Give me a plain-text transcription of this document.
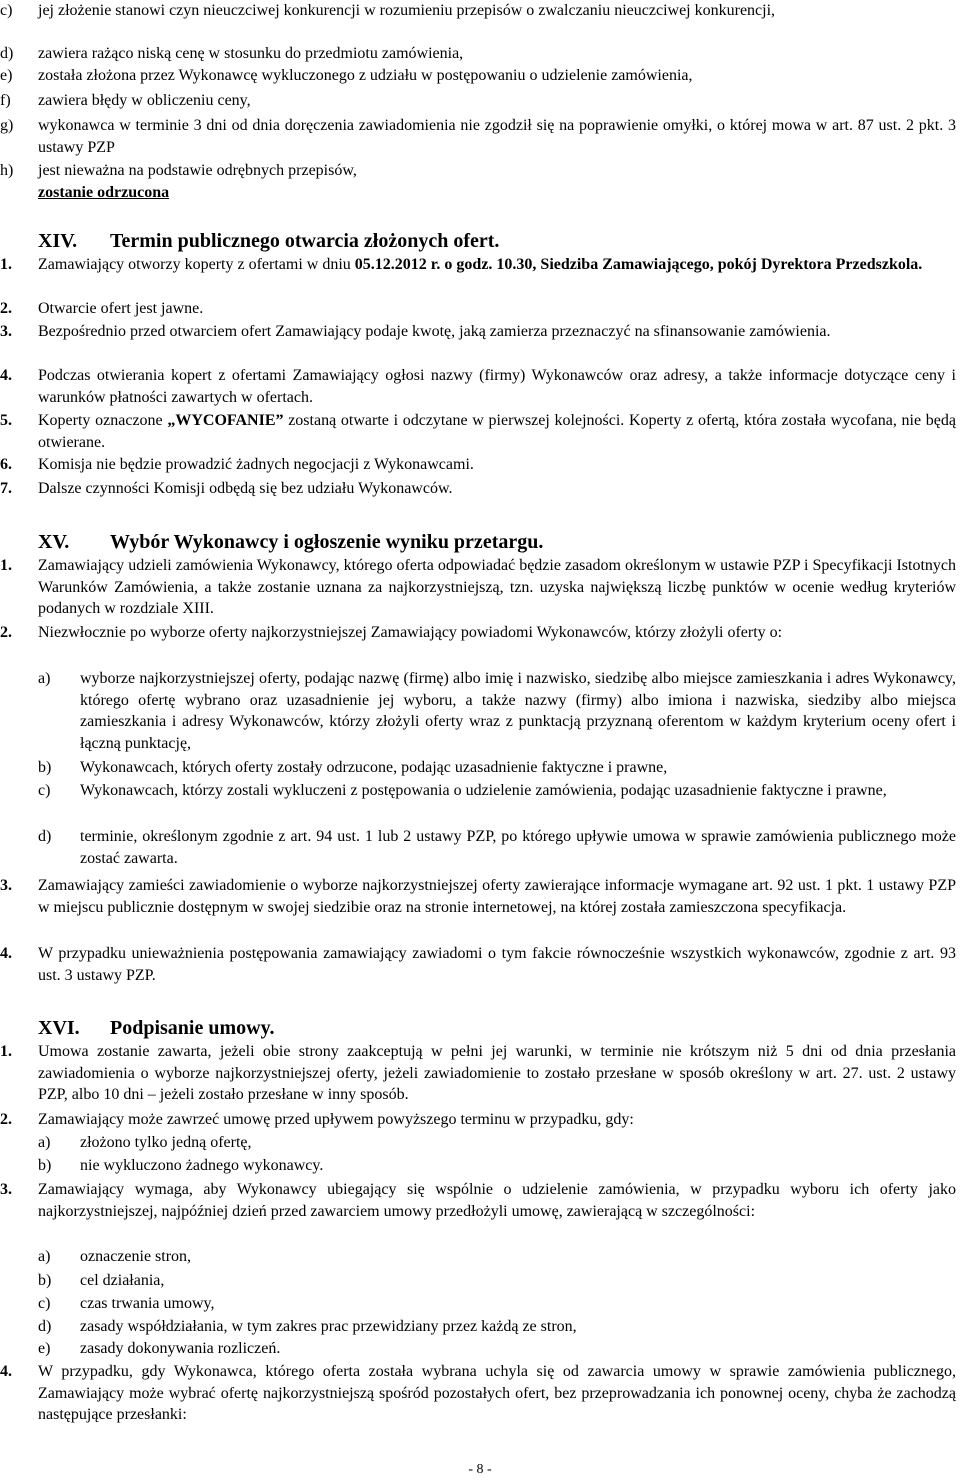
c)	jej złożenie stanowi czyn nieuczciwej konkurencji w rozumieniu przepisów o zwalczaniu nieuczciwej konkurencji,
d)	zawiera rażąco niską cenę w stosunku do przedmiotu zamówienia,
e)	została złożona przez Wykonawcę wykluczonego z udziału w postępowaniu o udzielenie zamówienia,
f)	zawiera błędy w obliczeniu ceny,
g)	wykonawca w terminie 3 dni od dnia doręczenia zawiadomienia nie zgodził się na poprawienie omyłki, o której mowa w art. 87 ust. 2 pkt. 3 ustawy PZP
h)	jest nieważna na podstawie odrębnych przepisów,
zostanie odrzucona
XIV. Termin publicznego otwarcia złożonych ofert.
1.	Zamawiający otworzy koperty z ofertami w dniu 05.12.2012 r. o godz. 10.30, Siedziba Zamawiającego, pokój Dyrektora Przedszkola.
2.	Otwarcie ofert jest jawne.
3.	Bezpośrednio przed otwarciem ofert Zamawiający podaje kwotę, jaką zamierza przeznaczyć na sfinansowanie zamówienia.
4.	Podczas otwierania kopert z ofertami Zamawiający ogłosi nazwy (firmy) Wykonawców oraz adresy, a także informacje dotyczące ceny i warunków płatności zawartych w ofertach.
5.	Koperty oznaczone „WYCOFANIE” zostaną otwarte i odczytane w pierwszej kolejności. Koperty z ofertą, która została wycofana, nie będą otwierane.
6.	Komisja nie będzie prowadzić żadnych negocjacji z Wykonawcami.
7.	Dalsze czynności Komisji odbędą się bez udziału Wykonawców.
XV. Wybór Wykonawcy i ogłoszenie wyniku przetargu.
1.	Zamawiający udzieli zamówienia Wykonawcy, którego oferta odpowiadać będzie zasadom określonym w ustawie PZP i Specyfikacji Istotnych Warunków Zamówienia, a także zostanie uznana za najkorzystniejszą, tzn. uzyska największą liczbę punktów w ocenie według kryteriów podanych w rozdziale XIII.
2.	Niezwłocznie po wyborze oferty najkorzystniejszej Zamawiający powiadomi Wykonawców, którzy złożyli oferty o:
a)	wyborze najkorzystniejszej oferty, podając nazwę (firmę) albo imię i nazwisko, siedzibę albo miejsce zamieszkania i adres Wykonawcy, którego ofertę wybrano oraz uzasadnienie jej wyboru, a także nazwy (firmy) albo imiona i nazwiska, siedziby albo miejsca zamieszkania i adresy Wykonawców, którzy złożyli oferty wraz z punktacją przyznaną oferentom w każdym kryterium oceny ofert i łączną punktację,
b)	Wykonawcach, których oferty zostały odrzucone, podając uzasadnienie faktyczne i prawne,
c)	Wykonawcach, którzy zostali wykluczeni z postępowania o udzielenie zamówienia, podając uzasadnienie faktyczne i prawne,
d)	terminie, określonym zgodnie z art. 94 ust. 1 lub 2 ustawy PZP, po którego upływie umowa w sprawie zamówienia publicznego może zostać zawarta.
3.	Zamawiający zamieści zawiadomienie o wyborze najkorzystniejszej oferty zawierające informacje wymagane art. 92 ust. 1 pkt. 1 ustawy PZP w miejscu publicznie dostępnym w swojej siedzibie oraz na stronie internetowej, na której została zamieszczona specyfikacja.
4.	W przypadku unieważnienia postępowania zamawiający zawiadomi o tym fakcie równocześnie wszystkich wykonawców, zgodnie z art. 93 ust. 3 ustawy PZP.
XVI. Podpisanie umowy.
1.	Umowa zostanie zawarta, jeżeli obie strony zaakceptują w pełni jej warunki, w terminie nie krótszym niż 5 dni od dnia przesłania zawiadomienia o wyborze najkorzystniejszej oferty, jeżeli zawiadomienie to zostało przesłane w sposób określony w art. 27. ust. 2 ustawy PZP, albo 10 dni – jeżeli zostało przesłane w inny sposób.
2.	Zamawiający może zawrzeć umowę przed upływem powyższego terminu w przypadku, gdy:
a)	złożono tylko jedną ofertę,
b)	nie wykluczono żadnego wykonawcy.
3.	Zamawiający wymaga, aby Wykonawcy ubiegający się wspólnie o udzielenie zamówienia, w przypadku wyboru ich oferty jako najkorzystniejszej, najpóźniej dzień przed zawarciem umowy przedłożyli umowę, zawierającą w szczególności:
a)	oznaczenie stron,
b)	cel działania,
c)	czas trwania umowy,
d)	zasady współdziałania, w tym zakres prac przewidziany przez każdą ze stron,
e)	zasady dokonywania rozliczeń.
4.	W przypadku, gdy Wykonawca, którego oferta została wybrana uchyla się od zawarcia umowy w sprawie zamówienia publicznego, Zamawiający może wybrać ofertę najkorzystniejszą spośród pozostałych ofert, bez przeprowadzania ich ponownej oceny, chyba że zachodzą następujące przesłanki:
- 8 -
